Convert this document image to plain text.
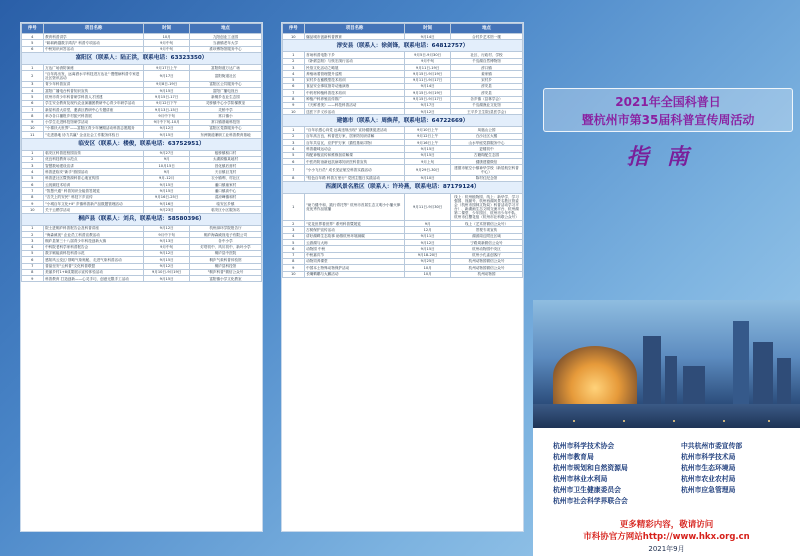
序号	项目名称	时间	地点
4	教育科普讲学	10月	九阳创业工业园
5	"崭崭跨越数字鸿沟" 科普专项活动	9月中旬	当浦镇老年大学
6	中秋知识问答活动	9月中旬	淮坝博物馆服务中心
富阳区（联系人：陆正洪，联系电话：63323350）			
1	万达广场消防演练	9月17日上午	富阳街道万达广场
2	"百年再出发，远离酒水平科技进万达社" 慢慢病科普专家进社区资讯活动	9月17日	富阳街道社区
3	青少年科普宣讲	9月8日-19日	富阳区公共服务中心
4	富阳广播电台科普知识宣传	9月15日	富阳广播电视台
5	杭州市青少年科普研学科普人才团建	9月15日-17日	新桐乡农业生态园
6	学生安全教育及现代农业演播团教研中心青少年研学活动	9月12日下午	灵桥镇中心小学阶梯教室
7	新星科普大讲堂，邀请区教研中心专题讲座	9月13日-15日	灵桥中学
8	举办各口播报乡村振兴科普展	9月中下旬	常口镇小
9	小学生走进科技馆研学活动	9月中下旬-10月	常口镇基础科技馆
10	"小棉袄大世界"——富阳区青少年暑期活动科普志愿服务	9月12日	富阳区党群服务中心
11	"走进基地 协力共赢" 企业社会工作服务体验日	9月15日	东洲街道兼职工业科普教育基地
临安区（联系人：楼俊，联系电话：63752951）			
1	临安区科普进校园宣传	9月27日	板桥镇积口村
2	优良科技教育示范点	9月	太湖源镇某地村
3	智慧数场建设宣讲	10月15日	昌化镇后营村
4	科普进临安"新手"游园活动	9月	天目镇巨龙村
5	科普进社区暨资源科普心迪宜传园	9月-12月	衣小镇利、村社区
6	云视频技术培训	9月15日	潘口镇童家村
7	"智慧兴通" 科普知识全能普答展览	9月15日	潘口镇高中心
8	"否关上的安民" 科技下乡宣传	9月16日-25日	清凉峰镇和村
9	"小城百年文化+Ⅱ" 乡镇科普新产品数题管理活动	9月16日	临安区乡镇
10	关于云栖学活动	9月23日	临安区小区服务站
桐庐县（联系人：刘兵，联系电话：58580396）			
1	院士进桐庐科普报告会及科普讲座	9月12日	杭州绿环学院报告厅
2	"海森威视" 企业员工科普宣教活动	9月中下旬	桐庐海森威视电子有限公司
3	桐庐县第三十八届青少年科技创新大赛	9月13日	各中小学
4	中科院老科学家科普报告会	9月中旬	灯塔初中、风川初中、新叶小学
5	数字赋能高科技科普示范	9月12日	桐庐县中医院
6	感知风云变幻 领略气象奥秘，走进气象科普活动	9月15日	桐庐气象科普体验馆
7	普晶至安"云科普"文化科普联盟	9月12日	桐庐县科技馆
8	美丽乡村1+8成果展示宣传体验活动	9月10日-9月19日	"桐庐科普"微信公众号
9	科普教育 打造创新——心灵手巧，创意无限手工活动	9月15日	富阳镇小学文化教室
序号	项目名称	时间	地点
10	爆品城市创新科普教育	9月14日	合村乡艺术馆一楼
淳安县（联系人：徐剑锋，联系电话：64812757）			
1	首场科普电影下乡	9月5日-9月30日	社区、行政村、学校
2	《卧薪尝胆》与恢宏浏行活动	9月中旬	千岛湖自然博物馆
3	民俗文化活动之略展	9月11日-19日	淳口镇
4	养殖场着管理提升巡察	9月15日-9月19日	姜家镇
5	宋村乡农畜模型技术培训	9月11日-9月17日	宋村乡
6	食品安全事故指导动速演练	9月14日	淳安县
7	中药材种植科普技术培训	9月15日-9月19日	淳安县
8	种植户科养殖宣传推广	9月15日-9月17日	各乡镇（县林学会）
9	《天鲜者美》——科技科普活动	9月17日	千岛湖渔业文化馆
10	送医下乡义诊活动	9月12日	王平乡卫生院(县医学会)
建德市（联系人：周焕萍，联系电话：64722669）			
1	"百年乐感心向党 远离违规出现" 宣扬健康促进活动	9月10日上午	凤凰山公园
2	百年高言良，科普进万家，居家防知识讲解	9月12日上午	白沙社区大楼
3	百年共启瓦，应护护万家（猫性基础寻物）	9月16日上午	山水华庭党群服务中心
4	科普趣味运动会	9月15日	更楼初中
5	构配神舰宣传和维修加讲解课	9月15日	古籍构配生态园
6	中医药防治新冠抗病毒知识医科普宣传	9月上旬	健康建德微信
7	"小小飞行员" 成长见证航空科普实践活动	9月29日-30日	建德市航空小镇神华学校（新居航空科普中心）
8	"桂色百年路 科普万里行" 党团主题日实践活动	9月10日	陈村红纪念馆
西湖风景名胜区（联系人：许玲燕，联系电话：87179124）			
1	"助力健中和，践行青托等" 杭州市首届生态文明小小播火律竞优秀作品展播	9月11日-9月30日	线上：杭州植物园、线上：新华学、学习强国、视频号、杭州西湖风景名胜区管委会（杭州市园林文物局）科普活动学习平台）、新湖画生态文明交流平台、杭州湖第二课堂、少年园区、杭州市少年中队、杭州市红樱花组（杭州市社科联公众号）
2	"花花世界看世界" 系列科普暨展览	9月	线上（艺术馆微信公众号）
3	古树保护宣传活动	12月	景观专项宣传
4	讲好湖畔生态故事 助推杭州环境减碳	9月11日	湖滨周边附近区域
5	云游湖与大师	9月12日	宁路周新微信公众号
6	动物园 中秋	9月15日	杭州动物园中央区
7	中秋嘉宾节	9月18-20日	杭州小孔雀创客厅
8	动物饲养课堂	9月25日	杭州动物园微信公众号
9	中国本土特殊动物保护活动	10月	杭州动物园微信公众号
10	长嘴鹈鹕与大鹏活动	10月	杭州动物园
2021年全国科普日
暨杭州市第35届科普宣传周活动
指南
杭州市科学技术协会	中共杭州市委宣传部
杭州市教育局	杭州市科学技术局
杭州市规划和自然资源局	杭州市生态环境局
杭州市林业水利局	杭州市农业农村局
杭州市卫生健康委员会	杭州市应急管理局
杭州市社会科学界联合会
更多精彩内容，敬请访问
市科协官方网站http://www.hkx.org.cn
2021年9月
